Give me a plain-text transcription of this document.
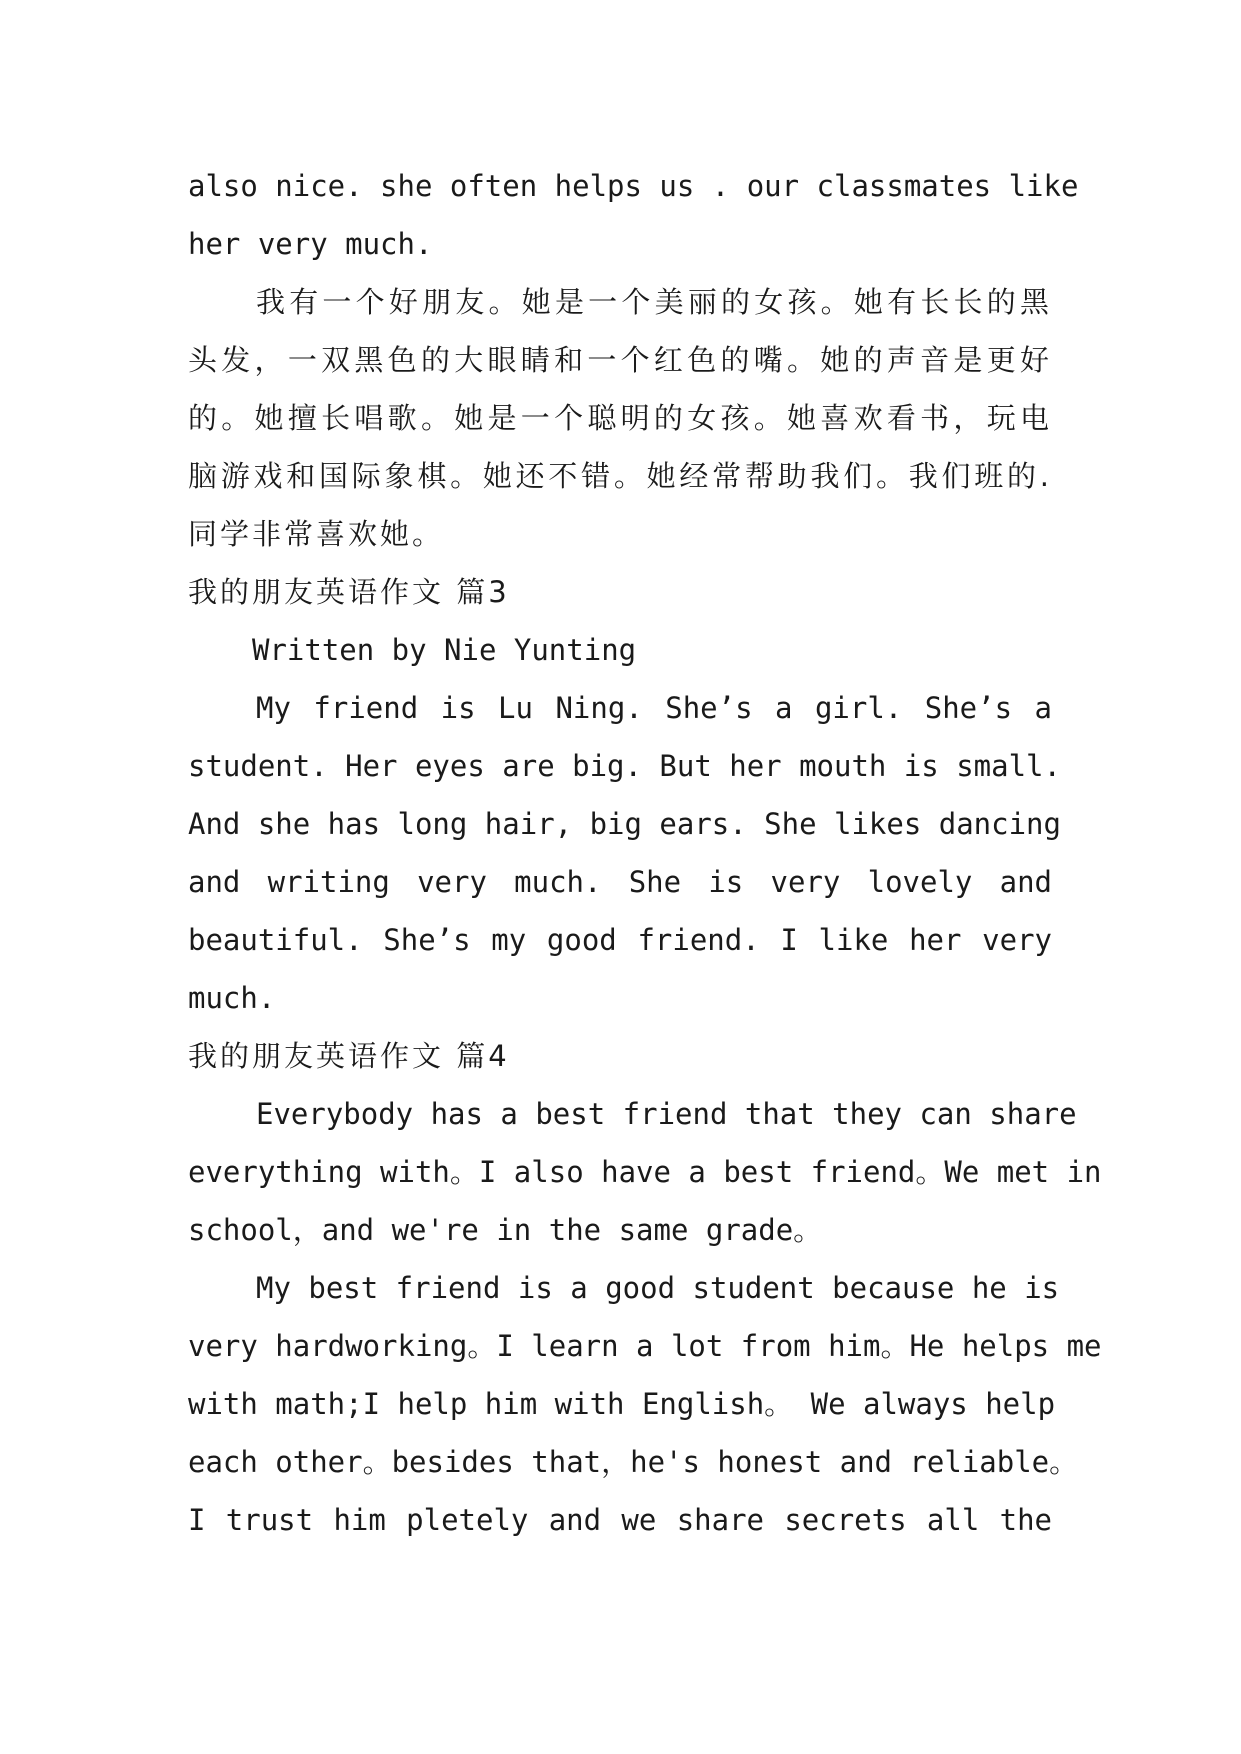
also nice. she often helps us . our classmates like
her very much.
我有一个好朋友。她是一个美丽的女孩。她有长长的黑
头发，一双黑色的大眼睛和一个红色的嘴。她的声音是更好
的。她擅长唱歌。她是一个聪明的女孩。她喜欢看书，玩电
脑游戏和国际象棋。她还不错。她经常帮助我们。我们班的.
同学非常喜欢她。
我的朋友英语作文 篇3
Written by Nie Yunting
My friend is Lu Ning. She’s a girl. She’s a
student. Her eyes are big. But her mouth is small.
And she has long hair, big ears. She likes dancing
and writing very much. She is very lovely and
beautiful. She’s my good friend. I like her very
much.
我的朋友英语作文 篇4
Everybody has a best friend that they can share
everything with。I also have a best friend。We met in
school，and we're in the same grade。
My best friend is a good student because he is
very hardworking。I learn a lot from him。He helps me
with math;I help him with English。 We always help
each other。besides that，he's honest and reliable。
I trust him pletely and we share secrets all the
